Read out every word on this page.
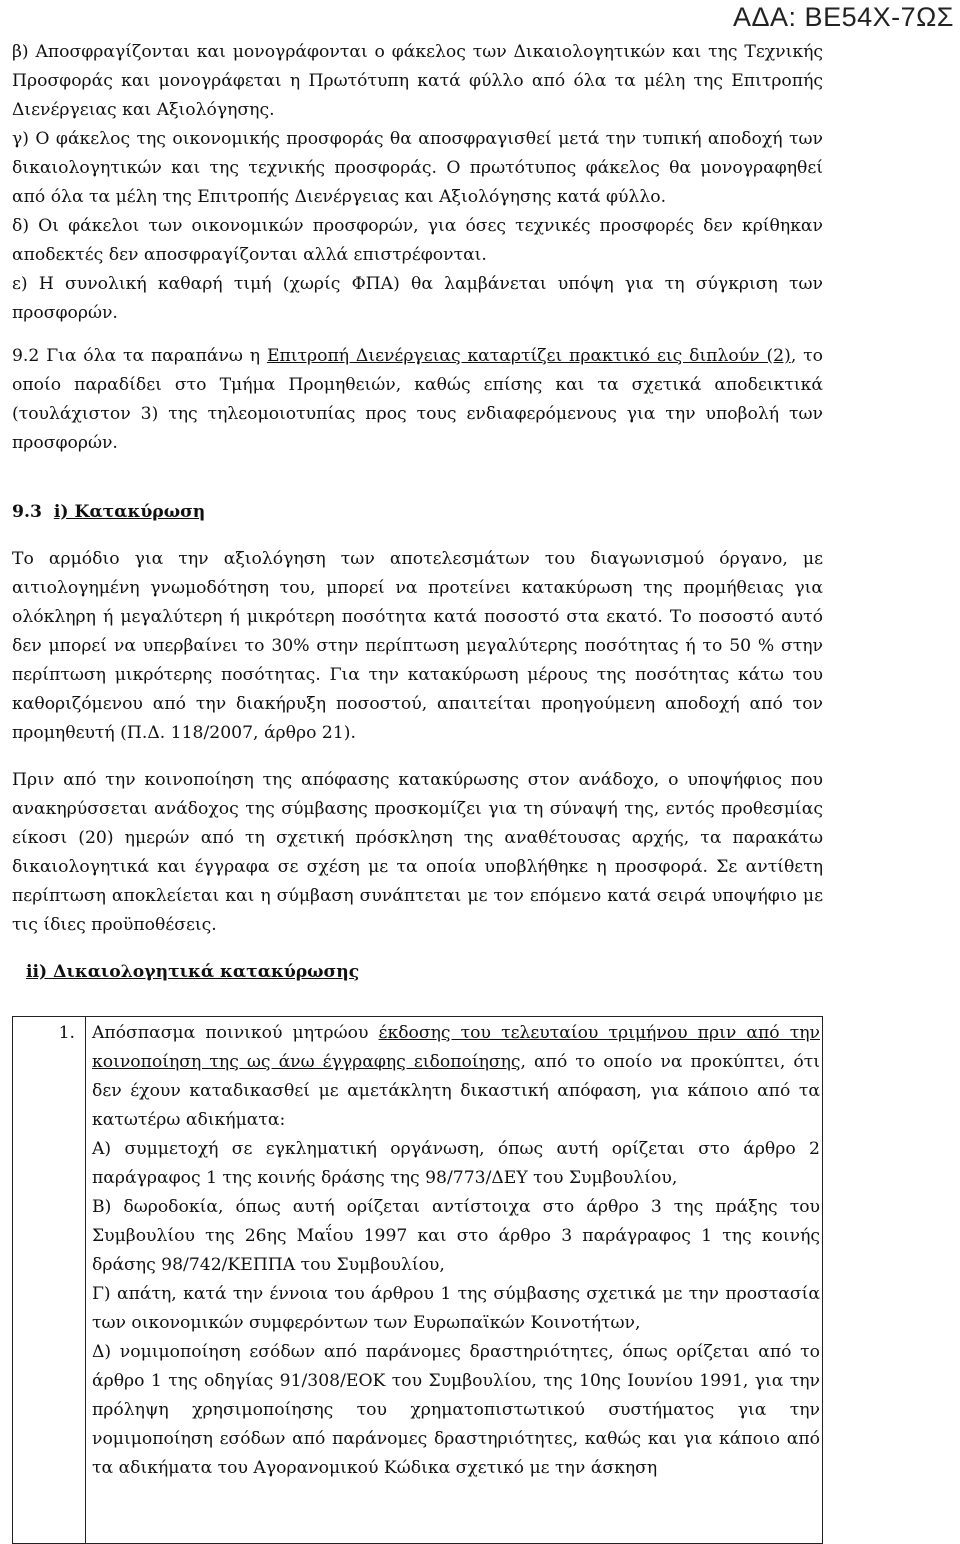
ΑΔΑ: ΒΕ54Χ-7ΩΣ

β) Αποσφραγίζονται και μονογράφονται ο φάκελος των Δικαιολογητικών και της Τεχνικής Προσφοράς και μονογράφεται η Πρωτότυπη κατά φύλλο από όλα τα μέλη της Επιτροπής Διενέργειας και Αξιολόγησης.

γ) Ο φάκελος της οικονομικής προσφοράς θα αποσφραγισθεί μετά την τυπική αποδοχή των δικαιολογητικών και της τεχνικής προσφοράς. Ο πρωτότυπος φάκελος θα μονογραφηθεί από όλα τα μέλη της Επιτροπής Διενέργειας και Αξιολόγησης κατά φύλλο.

δ) Οι φάκελοι των οικονομικών προσφορών, για όσες τεχνικές προσφορές δεν κρίθηκαν αποδεκτές δεν αποσφραγίζονται αλλά επιστρέφονται.

ε) Η συνολική καθαρή τιμή (χωρίς ΦΠΑ) θα λαμβάνεται υπόψη για τη σύγκριση των προσφορών.

9.2 Για όλα τα παραπάνω η Επιτροπή Διενέργειας καταρτίζει πρακτικό εις διπλούν (2), το οποίο παραδίδει στο Τμήμα Προμηθειών, καθώς επίσης και τα σχετικά αποδεικτικά (τουλάχιστον 3) της τηλεομοιοτυπίας προς τους ενδιαφερόμενους για την υποβολή των προσφορών.

9.3 i) Κατακύρωση

Το αρμόδιο για την αξιολόγηση των αποτελεσμάτων του διαγωνισμού όργανο, με αιτιολογημένη γνωμοδότηση του, μπορεί να προτείνει κατακύρωση της προμήθειας για ολόκληρη ή μεγαλύτερη ή μικρότερη ποσότητα κατά ποσοστό στα εκατό. Το ποσοστό αυτό δεν μπορεί να υπερβαίνει το 30% στην περίπτωση μεγαλύτερης ποσότητας ή το 50 % στην περίπτωση μικρότερης ποσότητας. Για την κατακύρωση μέρους της ποσότητας κάτω του καθοριζόμενου από την διακήρυξη ποσοστού, απαιτείται προηγούμενη αποδοχή από τον προμηθευτή (Π.Δ. 118/2007, άρθρο 21).

Πριν από την κοινοποίηση της απόφασης κατακύρωσης στον ανάδοχο, ο υποψήφιος που ανακηρύσσεται ανάδοχος της σύμβασης προσκομίζει για τη σύναψή της, εντός προθεσμίας είκοσι (20) ημερών από τη σχετική πρόσκληση της αναθέτουσας αρχής, τα παρακάτω δικαιολογητικά και έγγραφα σε σχέση με τα οποία υποβλήθηκε η προσφορά. Σε αντίθετη περίπτωση αποκλείεται και η σύμβαση συνάπτεται με τον επόμενο κατά σειρά υποψήφιο με τις ίδιες προϋποθέσεις.

ii) Δικαιολογητικά κατακύρωσης

1.	Απόσπασμα ποινικού μητρώου έκδοσης του τελευταίου τριμήνου πριν από την κοινοποίηση της ως άνω έγγραφης ειδοποίησης, από το οποίο να προκύπτει, ότι δεν έχουν καταδικασθεί με αμετάκλητη δικαστική απόφαση, για κάποιο από τα κατωτέρω αδικήματα:
Α) συμμετοχή σε εγκληματική οργάνωση, όπως αυτή ορίζεται στο άρθρο 2 παράγραφος 1 της κοινής δράσης της 98/773/ΔΕΥ του Συμβουλίου,
Β) δωροδοκία, όπως αυτή ορίζεται αντίστοιχα στο άρθρο 3 της πράξης του Συμβουλίου της 26ης Μαΐου 1997 και στο άρθρο 3 παράγραφος 1 της κοινής δράσης 98/742/ΚΕΠΠΑ του Συμβουλίου,
Γ) απάτη, κατά την έννοια του άρθρου 1 της σύμβασης σχετικά με την προστασία των οικονομικών συμφερόντων των Ευρωπαϊκών Κοινοτήτων,
Δ) νομιμοποίηση εσόδων από παράνομες δραστηριότητες, όπως ορίζεται από το άρθρο 1 της οδηγίας 91/308/ΕΟΚ του Συμβουλίου, της 10ης Ιουνίου 1991, για την πρόληψη χρησιμοποίησης του χρηματοπιστωτικού συστήματος για την νομιμοποίηση εσόδων από παράνομες δραστηριότητες, καθώς και για κάποιο από τα αδικήματα του Αγορανομικού Κώδικα σχετικό με την άσκηση
